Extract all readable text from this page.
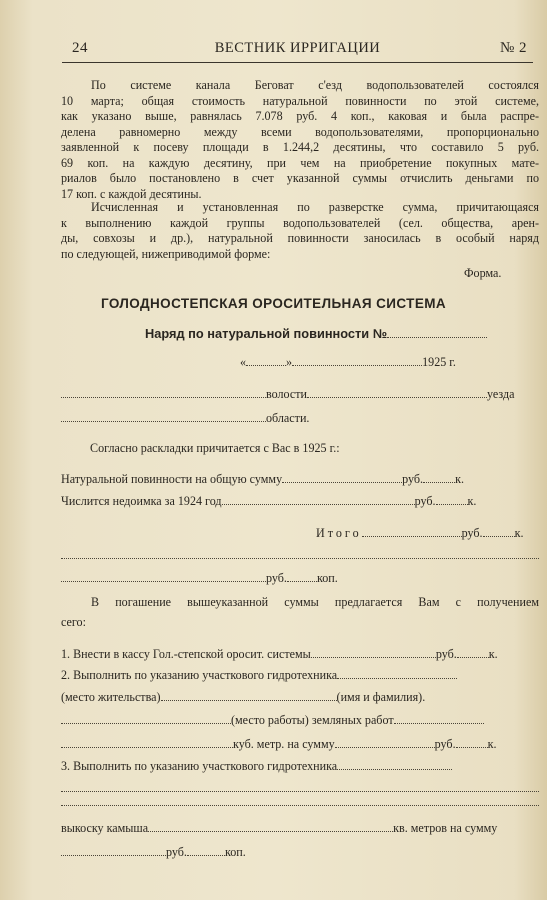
24	ВЕСТНИК ИРРИГАЦИИ	№ 2
По системе канала Беговат с'езд водопользователей состоялся
10 марта; общая стоимость натуральной повинности по этой системе,
как указано выше, равнялась 7.078 руб. 4 коп., каковая и была распре-
делена равномерно между всеми водопользователями, пропорционально
заявленной к посеву площади в 1.244,2 десятины, что составило 5 руб.
69 коп. на каждую десятину, при чем на приобретение покупных мате-
риалов было постановлено в счет указанной суммы отчислить деньгами по
17 коп. с каждой десятины.
Исчисленная и установленная по разверстке сумма, причитающаяся
к выполнению каждой группы водопользователей (сел. общества, арен-
ды, совхозы и др.), натуральной повинности заносилась в особый наряд
по следующей, нижеприводимой форме:
Форма.
ГОЛОДНОСТЕПСКАЯ ОРОСИТЕЛЬНАЯ СИСТЕМА
Наряд по натуральной повинности №
«	»	1925 г.
волости	уезда
области.
Согласно раскладки причитается с Вас в 1925 г.:
Натуральной повинности на общую сумму	руб.	к.
Числится недоимка за 1924 год	руб.	к.
Итого	руб.	к.
руб. коп.
В погашение вышеуказанной суммы предлагается Вам с получением
сего:
1. Внести в кассу Гол.-степской оросит. системы	руб.	к.
2. Выполнить по указанию участкового гидротехника
(место жительства)	(имя и фамилия).
(место работы) земляных работ
куб. метр. на сумму	руб.	к.
3. Выполнить по указанию участкового гидротехника
выкоску камыша	кв. метров на сумму
руб.	коп.
